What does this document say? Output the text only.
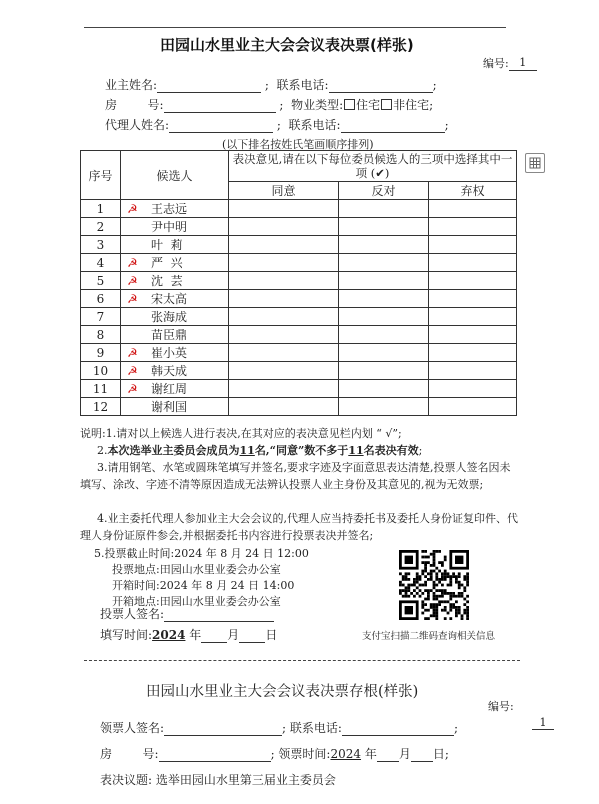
田园山水里业主大会会议表决票(样张)
编号: 1
业主姓名:	;  联系电话:	;
房        号:	;  物业类型: 住宅 非住宅;
代理人姓名:	;  联系电话:	;
(以下排名按姓氏笔画顺序排列)
序号	候选人	表决意见,请在以下每位委员候选人的三项中选择其中一项 (✔)		
		同意	反对	弃权
1	☭ 王志远			
2	尹中明			
3	叶  莉			
4	☭ 严  兴			
5	☭ 沈  芸			
6	☭ 宋太高			
7	张海成			
8	苗臣鼎			
9	☭ 崔小英			
10	☭ 韩天成			
11	☭ 谢红周			
12	谢利国			
说明:1.请对以上候选人进行表决,在其对应的表决意见栏内划 “ √”;
2.本次选举业主委员会成员为11名,“同意”数不多于11名表决有效;
3.请用钢笔、水笔或圆珠笔填写并签名,要求字迹及字面意思表达清楚,投票人签名因未填写、涂改、字迹不清等原因造成无法辨认投票人业主身份及其意见的,视为无效票;
4.业主委托代理人参加业主大会会议的,代理人应当持委托书及委托人身份证复印件、代理人身份证原件参会,并根据委托书内容进行投票表决并签名;
5.投票截止时间:2024 年 8 月 24 日 12:00
投票地点:田园山水里业委会办公室
开箱时间:2024 年 8 月 24 日 14:00
开箱地点:田园山水里业委会办公室
投票人签名:
填写时间:2024 年 月 日	支付宝扫描二维码查询相关信息
田园山水里业主大会会议表决票存根(样张)
编号:
1
领票人签名:	; 联系电话:	;
房        号:	; 领票时间:2024 年 月 日;
表决议题: 选举田园山水里第三届业主委员会
